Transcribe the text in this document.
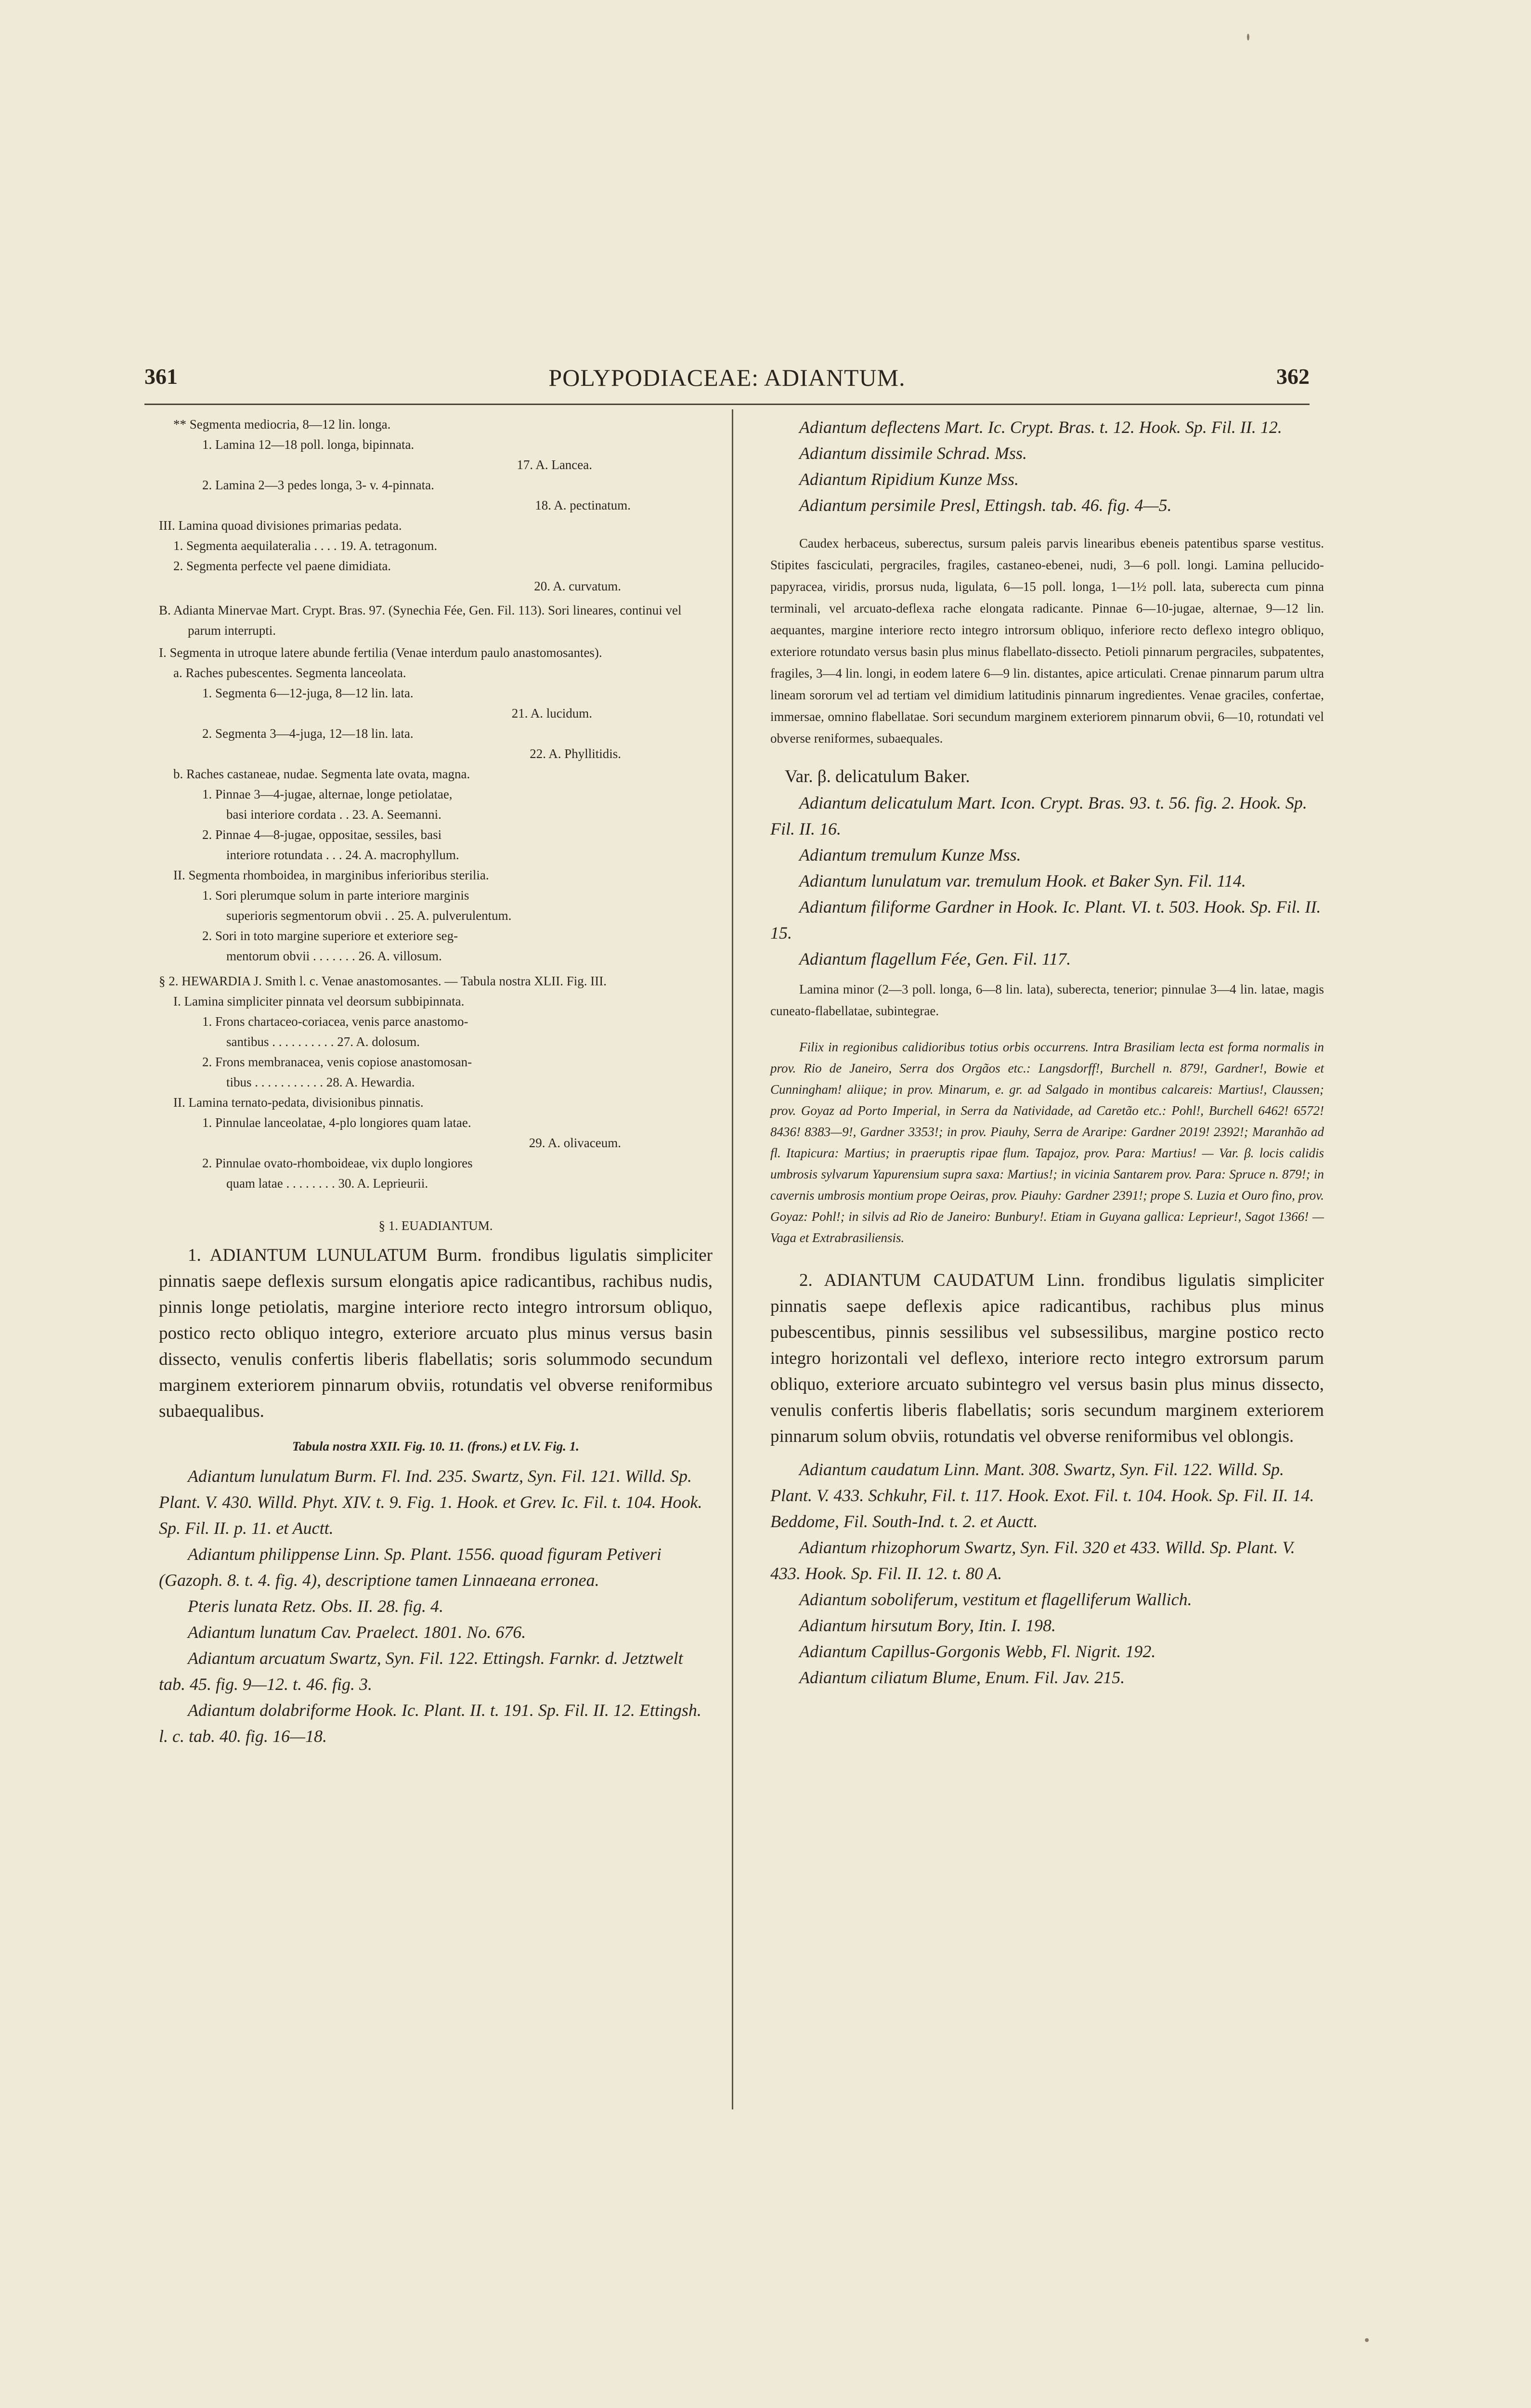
361	POLYPODIACEAE: ADIANTUM.	362
** Segmenta mediocria, 8—12 lin. longa.
1. Lamina 12—18 poll. longa, bipinnata.
17. A. Lancea.
2. Lamina 2—3 pedes longa, 3- v. 4-pinnata.
18. A. pectinatum.
III. Lamina quoad divisiones primarias pedata.
1. Segmenta aequilateralia . . . . 19. A. tetragonum.
2. Segmenta perfecte vel paene dimidiata.
20. A. curvatum.
B. Adianta Minervae Mart. Crypt. Bras. 97. (Synechia Fée, Gen. Fil. 113). Sori lineares, continui vel parum interrupti.
I. Segmenta in utroque latere abunde fertilia (Venae interdum paulo anastomosantes).
a. Raches pubescentes. Segmenta lanceolata.
1. Segmenta 6—12-juga, 8—12 lin. lata.
21. A. lucidum.
2. Segmenta 3—4-juga, 12—18 lin. lata.
22. A. Phyllitidis.
b. Raches castaneae, nudae. Segmenta late ovata, magna.
1. Pinnae 3—4-jugae, alternae, longe petiolatae,
basi interiore cordata . . 23. A. Seemanni.
2. Pinnae 4—8-jugae, oppositae, sessiles, basi
interiore rotundata . . . 24. A. macrophyllum.
II. Segmenta rhomboidea, in marginibus inferioribus sterilia.
1. Sori plerumque solum in parte interiore marginis
superioris segmentorum obvii . . 25. A. pulverulentum.
2. Sori in toto margine superiore et exteriore seg-
mentorum obvii . . . . . . . 26. A. villosum.
§ 2. HEWARDIA J. Smith l. c. Venae anastomosantes. — Tabula nostra XLII. Fig. III.
I. Lamina simpliciter pinnata vel deorsum subbipinnata.
1. Frons chartaceo-coriacea, venis parce anastomo-
santibus . . . . . . . . . . 27. A. dolosum.
2. Frons membranacea, venis copiose anastomosan-
tibus . . . . . . . . . . . 28. A. Hewardia.
II. Lamina ternato-pedata, divisionibus pinnatis.
1. Pinnulae lanceolatae, 4-plo longiores quam latae.
29. A. olivaceum.
2. Pinnulae ovato-rhomboideae, vix duplo longiores
quam latae . . . . . . . . 30. A. Leprieurii.
§ 1. EUADIANTUM.
1. ADIANTUM LUNULATUM Burm. frondibus ligulatis simpliciter pinnatis saepe deflexis sursum elongatis apice radicantibus, rachibus nudis, pinnis longe petiolatis, margine interiore recto integro introrsum obliquo, postico recto obliquo integro, exteriore arcuato plus minus versus basin dissecto, venulis confertis liberis flabellatis; soris solummodo secundum marginem exteriorem pinnarum obviis, rotundatis vel obverse reniformibus subaequalibus.
Tabula nostra XXII. Fig. 10. 11. (frons.) et LV. Fig. 1.
Adiantum lunulatum Burm. Fl. Ind. 235. Swartz, Syn. Fil. 121. Willd. Sp. Plant. V. 430. Willd. Phyt. XIV. t. 9. Fig. 1. Hook. et Grev. Ic. Fil. t. 104. Hook. Sp. Fil. II. p. 11. et Auctt.
Adiantum philippense Linn. Sp. Plant. 1556. quoad figuram Petiveri (Gazoph. 8. t. 4. fig. 4), descriptione tamen Linnaeana erronea.
Pteris lunata Retz. Obs. II. 28. fig. 4.
Adiantum lunatum Cav. Praelect. 1801. No. 676.
Adiantum arcuatum Swartz, Syn. Fil. 122. Ettingsh. Farnkr. d. Jetztwelt tab. 45. fig. 9—12. t. 46. fig. 3.
Adiantum dolabriforme Hook. Ic. Plant. II. t. 191. Sp. Fil. II. 12. Ettingsh. l. c. tab. 40. fig. 16—18.
Adiantum deflectens Mart. Ic. Crypt. Bras. t. 12. Hook. Sp. Fil. II. 12.
Adiantum dissimile Schrad. Mss.
Adiantum Ripidium Kunze Mss.
Adiantum persimile Presl, Ettingsh. tab. 46. fig. 4—5.
Caudex herbaceus, suberectus, sursum paleis parvis linearibus ebeneis patentibus sparse vestitus. Stipites fasciculati, pergraciles, fragiles, castaneo-ebenei, nudi, 3—6 poll. longi. Lamina pellucido-papyracea, viridis, prorsus nuda, ligulata, 6—15 poll. longa, 1—1½ poll. lata, suberecta cum pinna terminali, vel arcuato-deflexa rache elongata radicante. Pinnae 6—10-jugae, alternae, 9—12 lin. aequantes, margine interiore recto integro introrsum obliquo, inferiore recto deflexo integro obliquo, exteriore rotundato versus basin plus minus flabellato-dissecto. Petioli pinnarum pergraciles, subpatentes, fragiles, 3—4 lin. longi, in eodem latere 6—9 lin. distantes, apice articulati. Crenae pinnarum parum ultra lineam sororum vel ad tertiam vel dimidium latitudinis pinnarum ingredientes. Venae graciles, confertae, immersae, omnino flabellatae. Sori secundum marginem exteriorem pinnarum obvii, 6—10, rotundati vel obverse reniformes, subaequales.
Var. β. delicatulum Baker.
Adiantum delicatulum Mart. Icon. Crypt. Bras. 93. t. 56. fig. 2. Hook. Sp. Fil. II. 16.
Adiantum tremulum Kunze Mss.
Adiantum lunulatum var. tremulum Hook. et Baker Syn. Fil. 114.
Adiantum filiforme Gardner in Hook. Ic. Plant. VI. t. 503. Hook. Sp. Fil. II. 15.
Adiantum flagellum Fée, Gen. Fil. 117.
Lamina minor (2—3 poll. longa, 6—8 lin. lata), suberecta, tenerior; pinnulae 3—4 lin. latae, magis cuneato-flabellatae, subintegrae.
Filix in regionibus calidioribus totius orbis occurrens. Intra Brasiliam lecta est forma normalis in prov. Rio de Janeiro, Serra dos Orgãos etc.: Langsdorff!, Burchell n. 879!, Gardner!, Bowie et Cunningham! aliique; in prov. Minarum, e. gr. ad Salgado in montibus calcareis: Martius!, Claussen; prov. Goyaz ad Porto Imperial, in Serra da Natividade, ad Caretão etc.: Pohl!, Burchell 6462! 6572! 8436! 8383—9!, Gardner 3353!; in prov. Piauhy, Serra de Araripe: Gardner 2019! 2392!; Maranhão ad fl. Itapicura: Martius; in praeruptis ripae flum. Tapajoz, prov. Para: Martius! — Var. β. locis calidis umbrosis sylvarum Yapurensium supra saxa: Martius!; in vicinia Santarem prov. Para: Spruce n. 879!; in cavernis umbrosis montium prope Oeiras, prov. Piauhy: Gardner 2391!; prope S. Luzia et Ouro fino, prov. Goyaz: Pohl!; in silvis ad Rio de Janeiro: Bunbury!. Etiam in Guyana gallica: Leprieur!, Sagot 1366! — Vaga et Extrabrasiliensis.
2. ADIANTUM CAUDATUM Linn. frondibus ligulatis simpliciter pinnatis saepe deflexis apice radicantibus, rachibus plus minus pubescentibus, pinnis sessilibus vel subsessilibus, margine postico recto integro horizontali vel deflexo, interiore recto integro extrorsum parum obliquo, exteriore arcuato subintegro vel versus basin plus minus dissecto, venulis confertis liberis flabellatis; soris secundum marginem exteriorem pinnarum solum obviis, rotundatis vel obverse reniformibus vel oblongis.
Adiantum caudatum Linn. Mant. 308. Swartz, Syn. Fil. 122. Willd. Sp. Plant. V. 433. Schkuhr, Fil. t. 117. Hook. Exot. Fil. t. 104. Hook. Sp. Fil. II. 14. Beddome, Fil. South-Ind. t. 2. et Auctt.
Adiantum rhizophorum Swartz, Syn. Fil. 320 et 433. Willd. Sp. Plant. V. 433. Hook. Sp. Fil. II. 12. t. 80 A.
Adiantum soboliferum, vestitum et flagelliferum Wallich.
Adiantum hirsutum Bory, Itin. I. 198.
Adiantum Capillus-Gorgonis Webb, Fl. Nigrit. 192.
Adiantum ciliatum Blume, Enum. Fil. Jav. 215.
